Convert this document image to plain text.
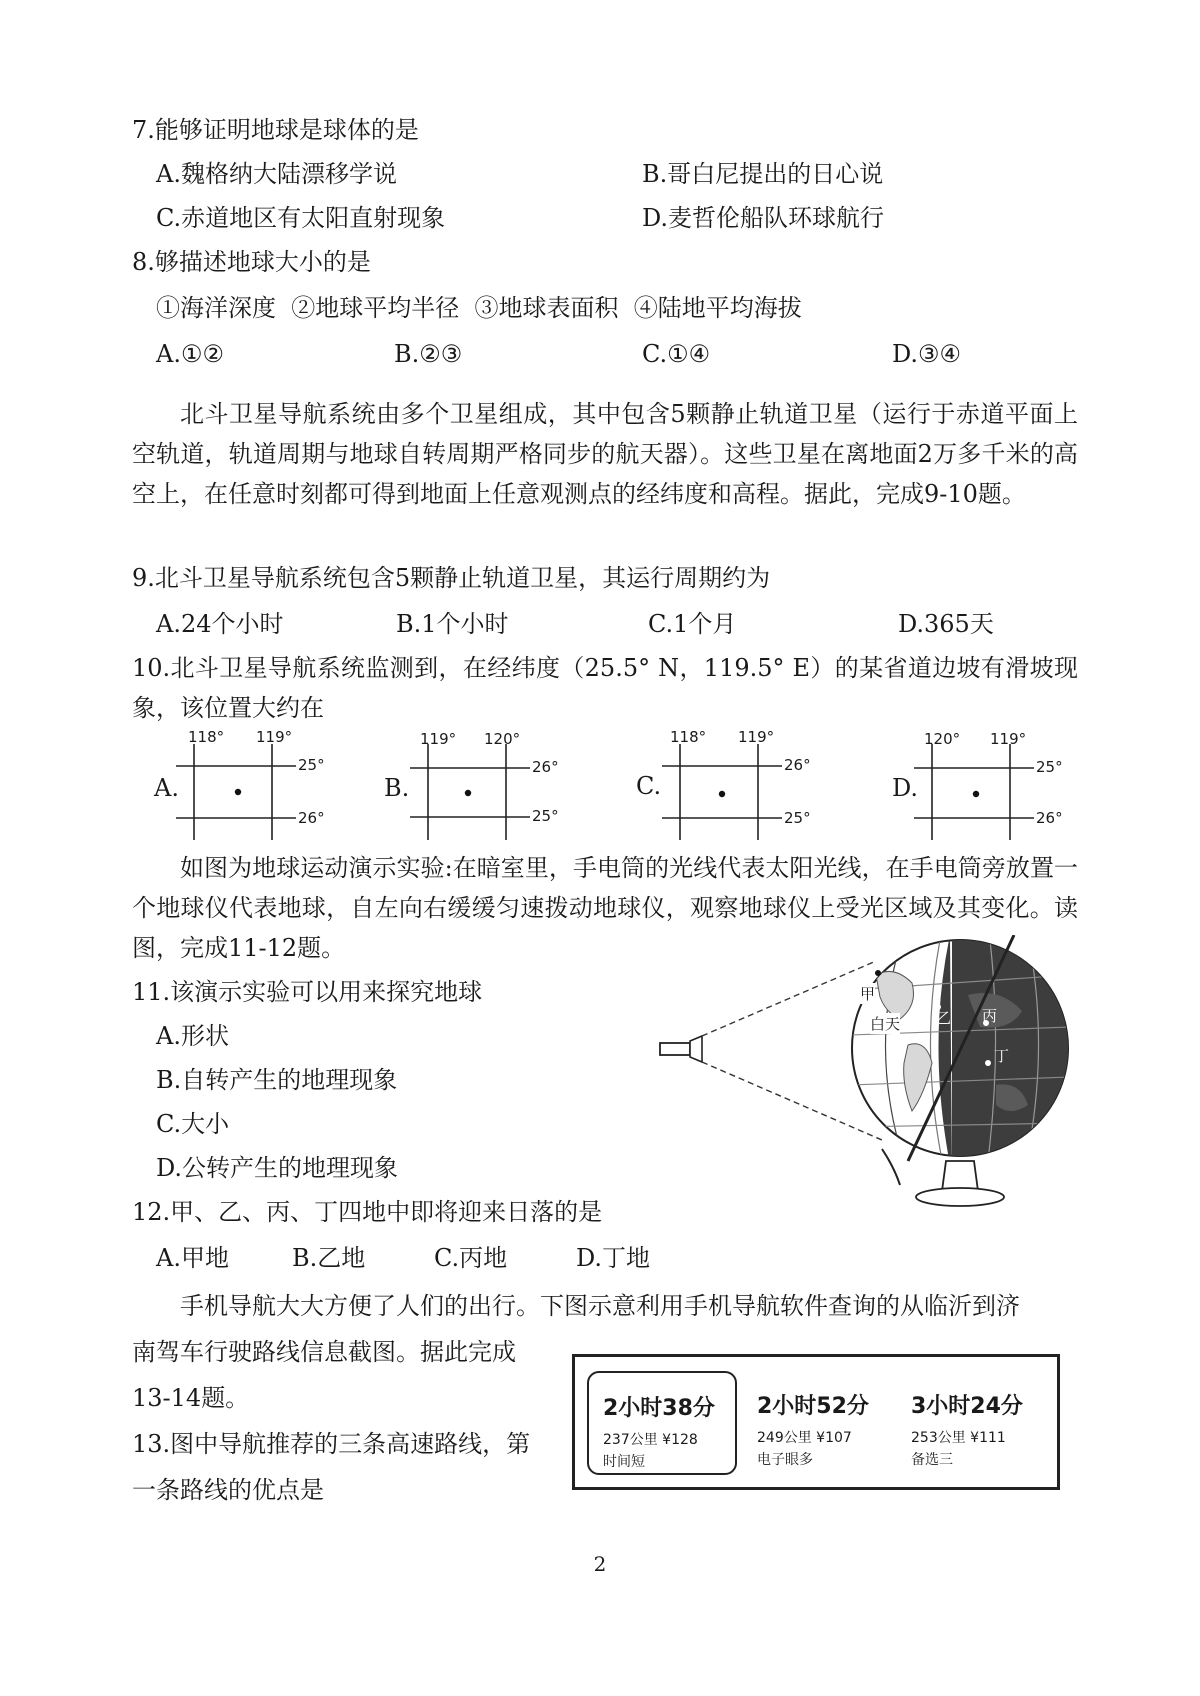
7.能够证明地球是球体的是
A.魏格纳大陆漂移学说	B.哥白尼提出的日心说
C.赤道地区有太阳直射现象	D.麦哲伦船队环球航行
8.够描述地球大小的是
①海洋深度  ②地球平均半径  ③地球表面积  ④陆地平均海拔
A.①②	B.②③	C.①④	D.③④
北斗卫星导航系统由多个卫星组成，其中包含5颗静止轨道卫星（运行于赤道平面上空轨道，轨道周期与地球自转周期严格同步的航天器）。这些卫星在离地面2万多千米的高空上，在任意时刻都可得到地面上任意观测点的经纬度和高程。据此，完成9-10题。
9.北斗卫星导航系统包含5颗静止轨道卫星，其运行周期约为
A.24个小时	B.1个小时	C.1个月	D.365天
10.北斗卫星导航系统监测到，在经纬度（25.5° N，119.5° E）的某省道边坡有滑坡现象，该位置大约在
A.
118° 119°
25°
26°
B.
119° 120°
26°
25°
C.
118° 119°
26°
25°
D.
120° 119°
25°
26°
如图为地球运动演示实验:在暗室里，手电筒的光线代表太阳光线，在手电筒旁放置一个地球仪代表地球，自左向右缓缓匀速拨动地球仪，观察地球仪上受光区域及其变化。读图，完成11-12题。
11.该演示实验可以用来探究地球
A.形状
B.自转产生的地理现象
C.大小
D.公转产生的地理现象
甲
白天 乙 丙
丁
12.甲、乙、丙、丁四地中即将迎来日落的是
A.甲地	B.乙地	C.丙地	D.丁地
手机导航大大方便了人们的出行。下图示意利用手机导航软件查询的从临沂到济
南驾车行驶路线信息截图。据此完成
13-14题。	2小时38分
237公里 ¥128
时间短
2小时52分
249公里 ¥107
电子眼多
3小时24分
253公里 ¥111
备选三
13.图中导航推荐的三条高速路线，第
一条路线的优点是
2
